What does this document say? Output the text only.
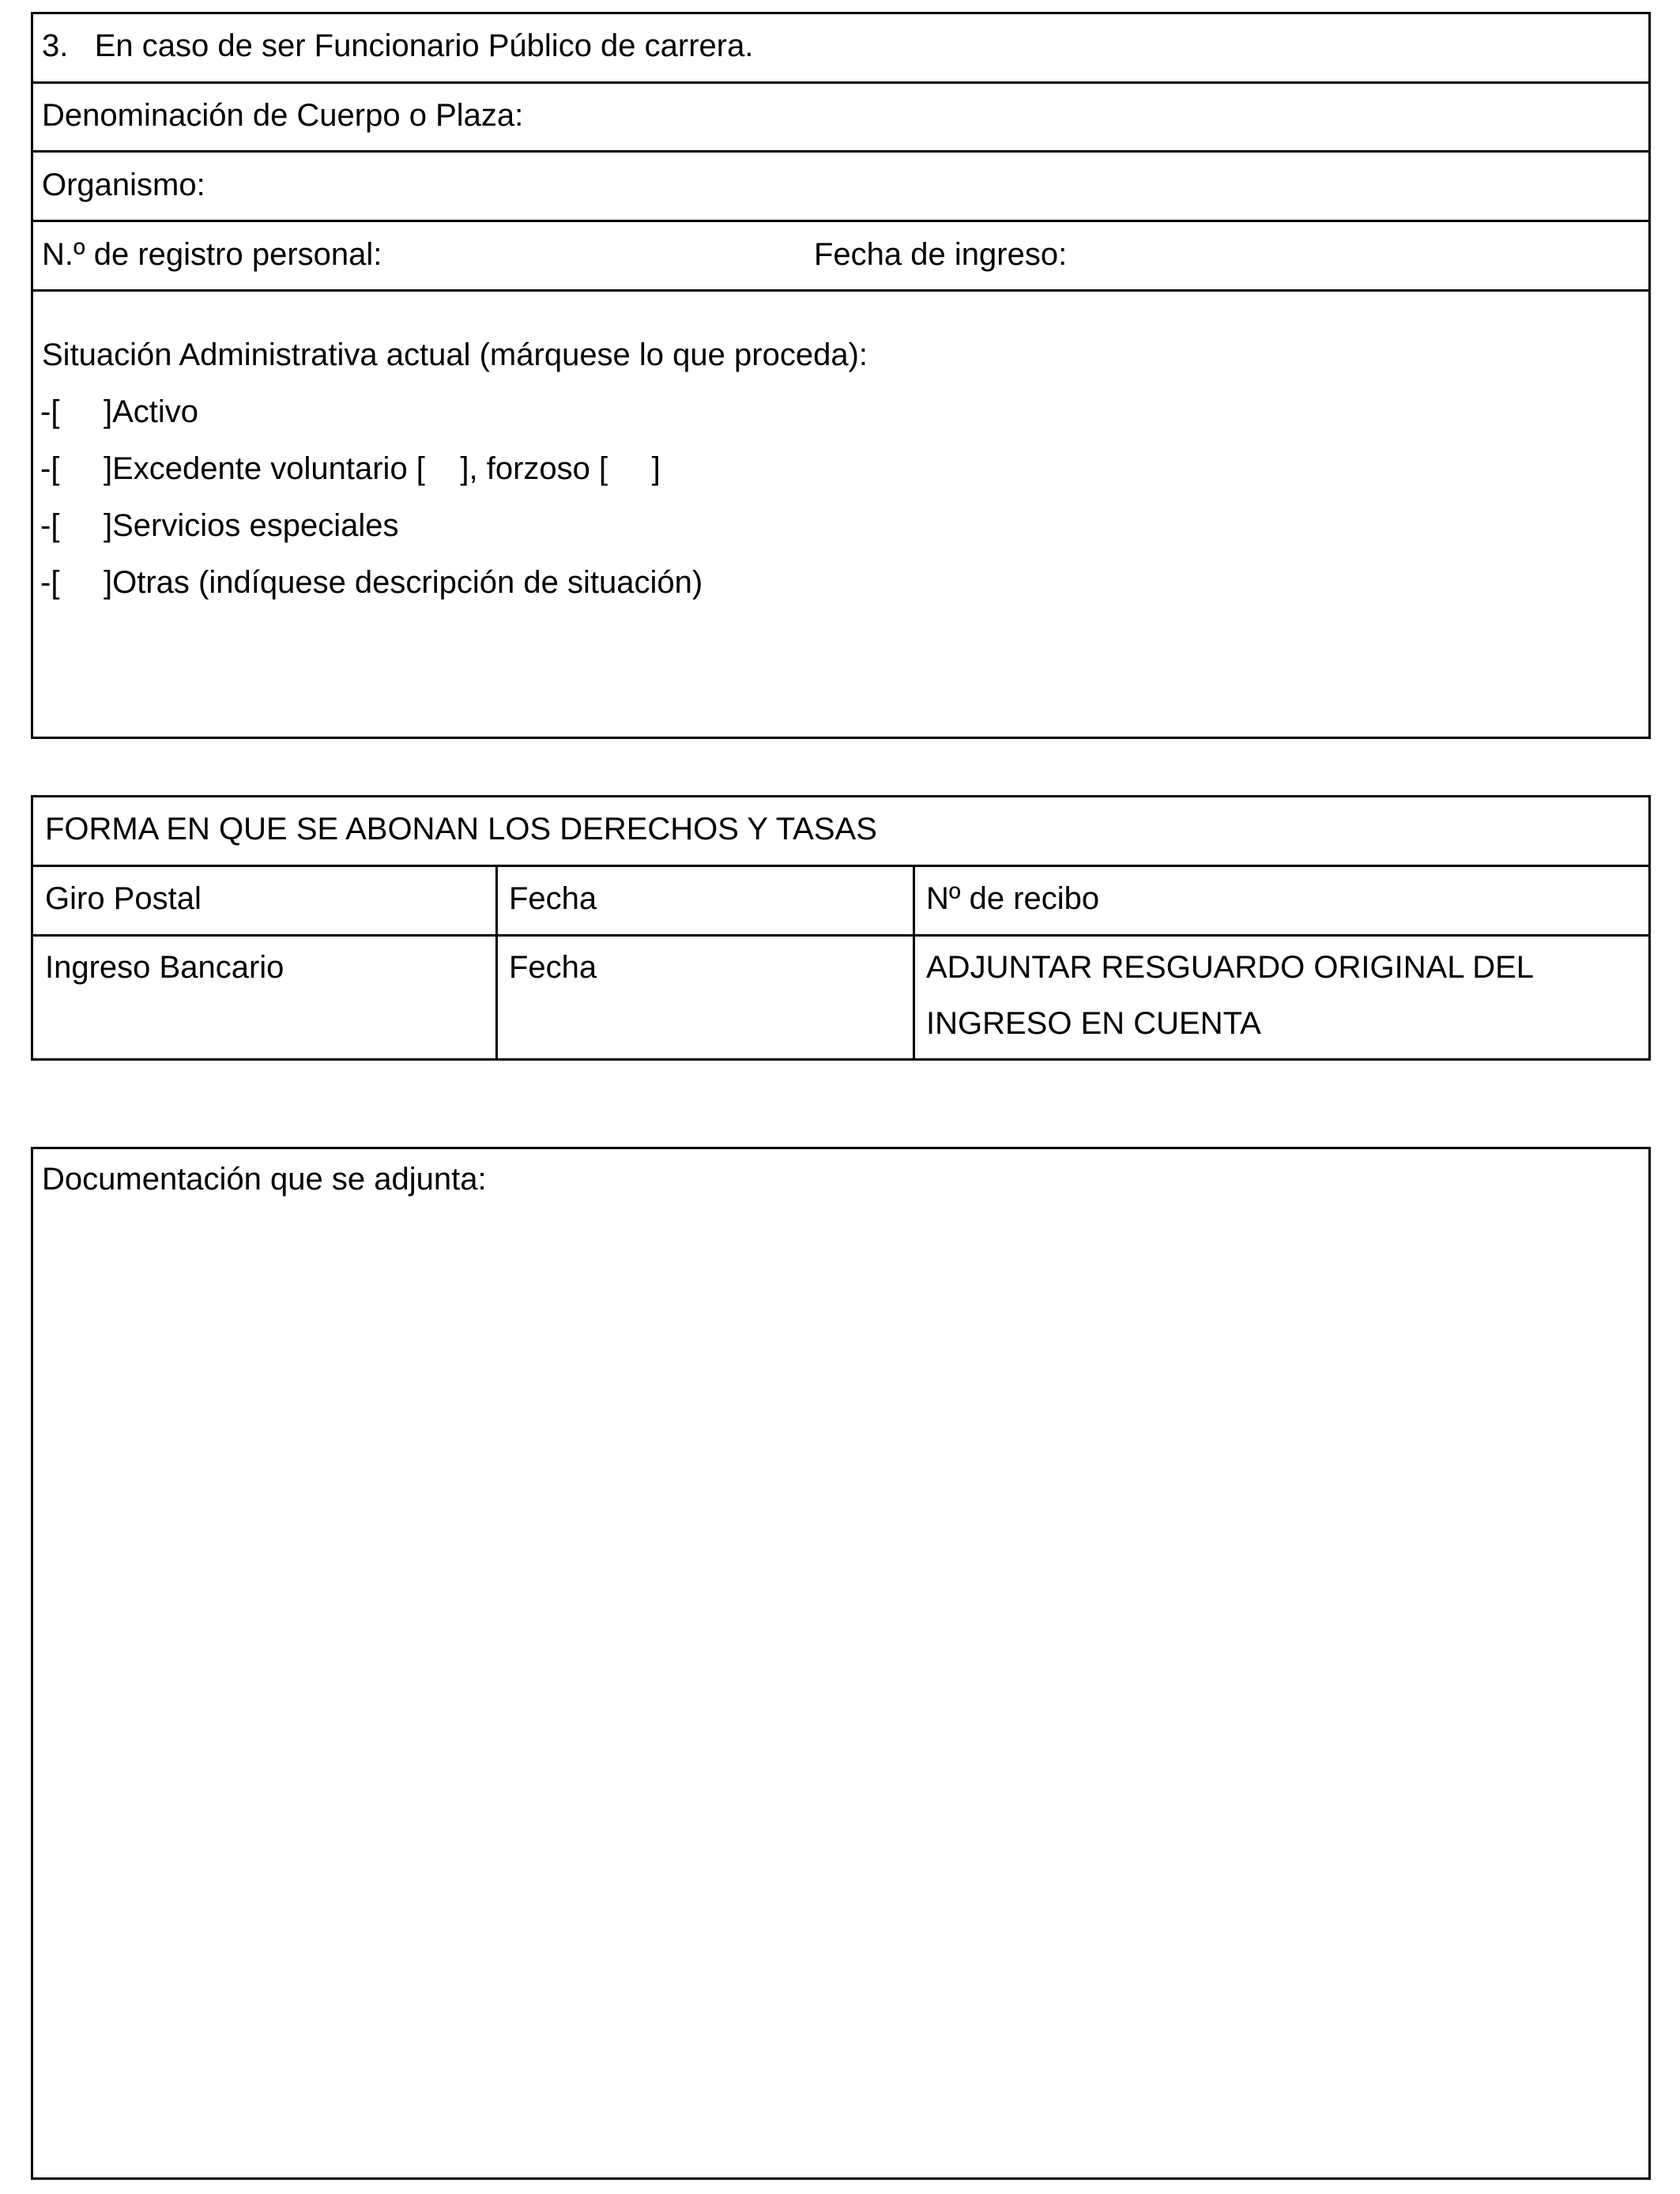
3.   En caso de ser Funcionario Público de carrera.
Denominación de Cuerpo o Plaza:
Organismo:
N.º de registro personal:	Fecha de ingreso:
Situación Administrativa actual (márquese lo que proceda):
-[     ]Activo
-[     ]Excedente voluntario [    ], forzoso [     ]
-[     ]Servicios especiales
-[     ]Otras (indíquese descripción de situación)
FORMA EN QUE SE ABONAN LOS DERECHOS Y TASAS
Giro Postal	Fecha	Nº de recibo
Ingreso Bancario	Fecha	ADJUNTAR RESGUARDO ORIGINAL DEL
INGRESO EN CUENTA
Documentación que se adjunta:
